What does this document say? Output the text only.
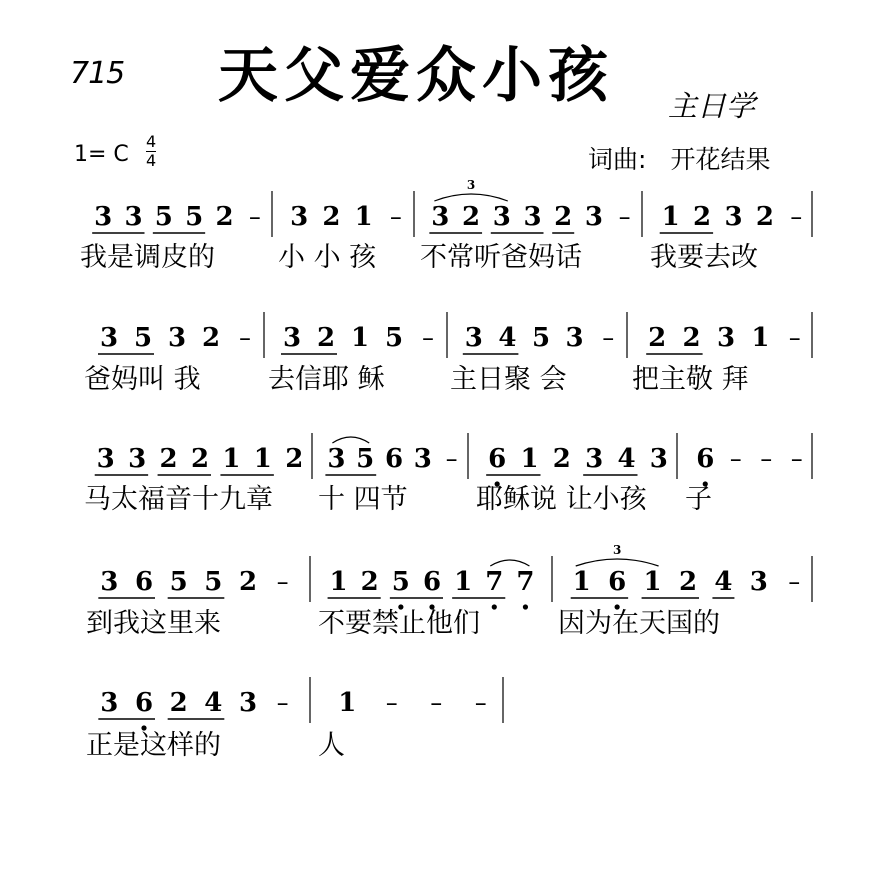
715 天父爱众小孩 主日学
1= C
4
4	词曲: 开花结果
3 3 5 5 2 – 3 2 1 – 3 2 3 3 2 3 –
3
1 2 3 2 –
我是调皮的 小 小 孩 不常听爸妈话	我要去改
3 5 3 2 – 3 2 1 5 – 3 4 5 3 – 2 2 3 1 –
爸妈叫 我 去信耶 稣 主日聚 会 把主敬 拜
3 3 2 2 1 1 2 3 5 6 3 – 6 1 2 3 4 3 6 – – –
马太福音十九章 十 四节	耶稣说 让小孩 子
3 6 5 5 2 – 1 2 5 6 1 7 7 1 6 1 2 4 3 –
3
到我这里来	不要禁止他们	因为在天国的
3 6 2 4 3 – 1 – – –
正是这样的	人
